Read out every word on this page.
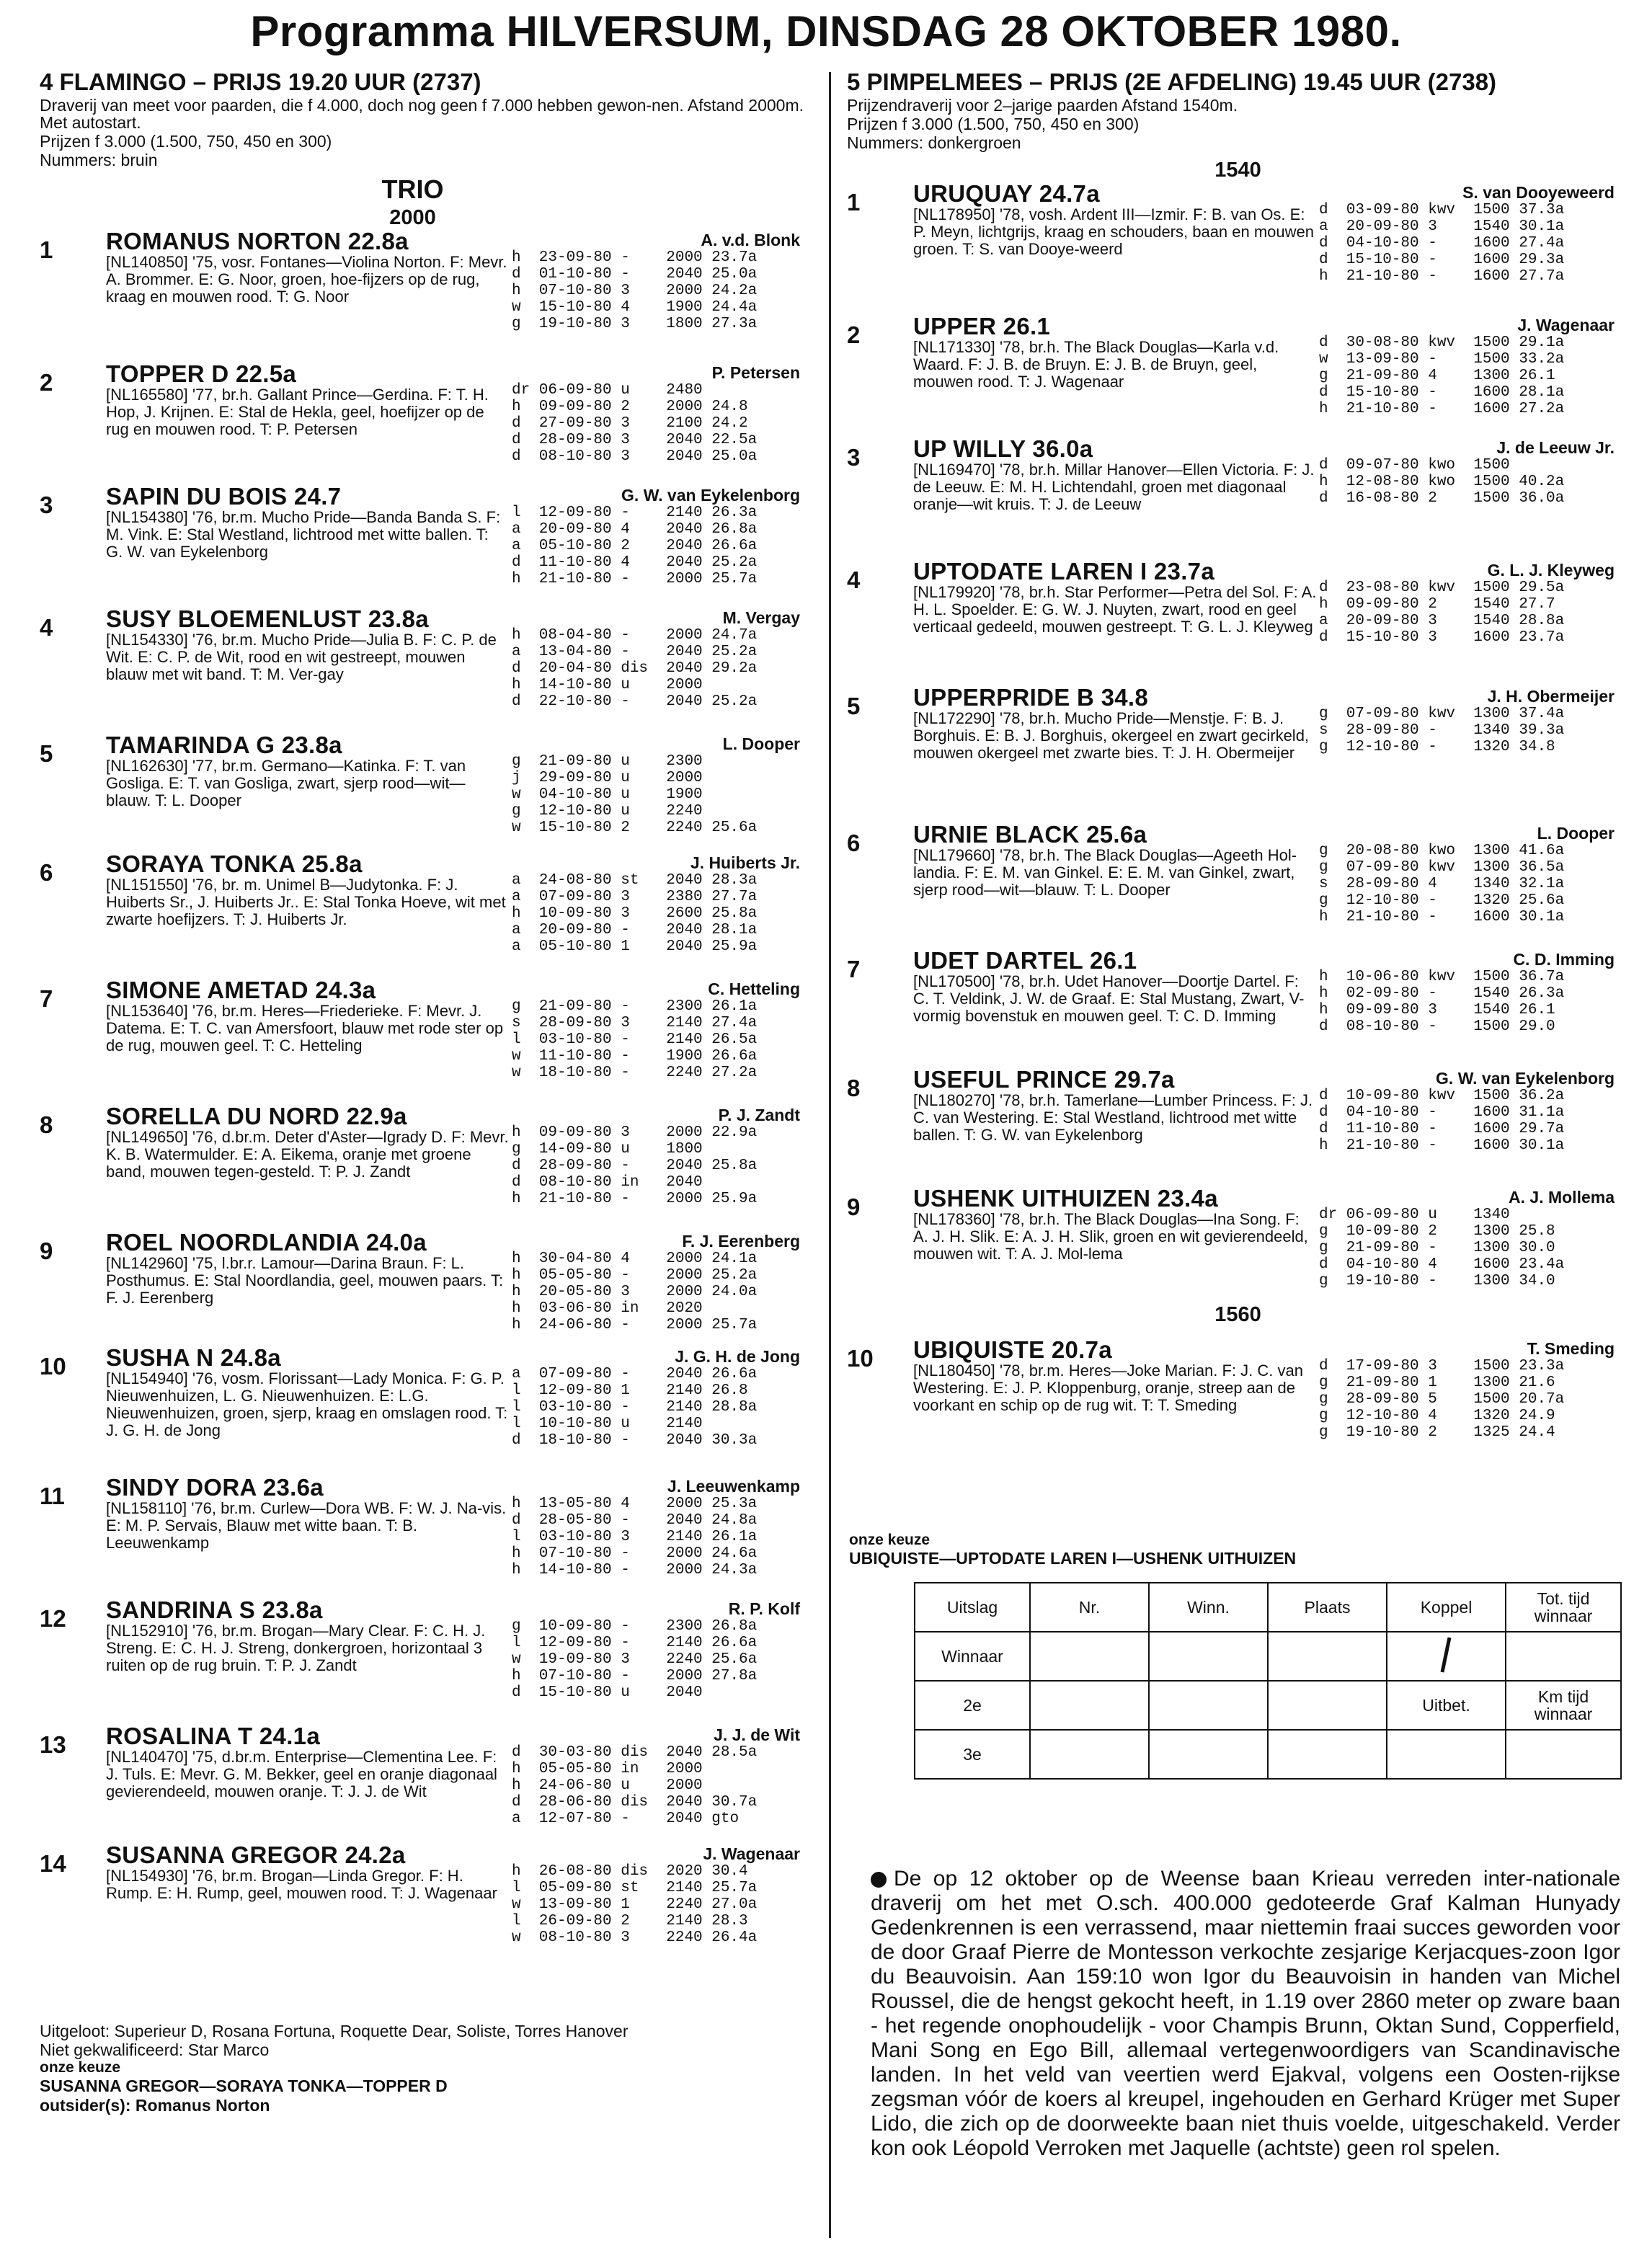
Programma HILVERSUM, DINSDAG 28 OKTOBER 1980.
4 FLAMINGO – PRIJS 19.20 UUR (2737)
Draverij van meet voor paarden, die f 4.000, doch nog geen f 7.000 hebben gewon-nen. Afstand 2000m. Met autostart.
Prijzen f 3.000 (1.500, 750, 450 en 300)
Nummers: bruin
TRIO
2000
1	ROMANUS NORTON 22.8a	A. v.d. Blonk
[NL140850] '75, vosr. Fontanes—Violina Norton. F: Mevr. A. Brommer. E: G. Noor, groen, hoe-fijzers op de rug, kraag en mouwen rood. T: G. Noor
h  23-09-80 -    2000 23.7a
d  01-10-80 -    2040 25.0a
h  07-10-80 3    2000 24.2a
w  15-10-80 4    1900 24.4a
g  19-10-80 3    1800 27.3a
2	TOPPER D 22.5a	P. Petersen
[NL165580] '77, br.h. Gallant Prince—Gerdina. F: T. H. Hop, J. Krijnen. E: Stal de Hekla, geel, hoefijzer op de rug en mouwen rood. T: P. Petersen
dr 06-09-80 u    2480
h  09-09-80 2    2000 24.8
d  27-09-80 3    2100 24.2
d  28-09-80 3    2040 22.5a
d  08-10-80 3    2040 25.0a
3	SAPIN DU BOIS 24.7	G. W. van Eykelenborg
[NL154380] '76, br.m. Mucho Pride—Banda Banda S. F: M. Vink. E: Stal Westland, lichtrood met witte ballen. T: G. W. van Eykelenborg
l  12-09-80 -    2140 26.3a
a  20-09-80 4    2040 26.8a
a  05-10-80 2    2040 26.6a
d  11-10-80 4    2040 25.2a
h  21-10-80 -    2000 25.7a
4	SUSY BLOEMENLUST 23.8a	M. Vergay
[NL154330] '76, br.m. Mucho Pride—Julia B. F: C. P. de Wit. E: C. P. de Wit, rood en wit gestreept, mouwen blauw met wit band. T: M. Ver-gay
h  08-04-80 -    2000 24.7a
a  13-04-80 -    2040 25.2a
d  20-04-80 dis  2040 29.2a
h  14-10-80 u    2000
d  22-10-80 -    2040 25.2a
5	TAMARINDA G 23.8a	L. Dooper
[NL162630] '77, br.m. Germano—Katinka. F: T. van Gosliga. E: T. van Gosliga, zwart, sjerp rood—wit—blauw. T: L. Dooper
g  21-09-80 u    2300
j  29-09-80 u    2000
w  04-10-80 u    1900
g  12-10-80 u    2240
w  15-10-80 2    2240 25.6a
6	SORAYA TONKA 25.8a	J. Huiberts Jr.
[NL151550] '76, br. m. Unimel B—Judytonka. F: J. Huiberts Sr., J. Huiberts Jr.. E: Stal Tonka Hoeve, wit met zwarte hoefijzers. T: J. Huiberts Jr.
a  24-08-80 st   2040 28.3a
a  07-09-80 3    2380 27.7a
h  10-09-80 3    2600 25.8a
a  20-09-80 -    2040 28.1a
a  05-10-80 1    2040 25.9a
7	SIMONE AMETAD 24.3a	C. Hetteling
[NL153640] '76, br.m. Heres—Friederieke. F: Mevr. J. Datema. E: T. C. van Amersfoort, blauw met rode ster op de rug, mouwen geel. T: C. Hetteling
g  21-09-80 -    2300 26.1a
s  28-09-80 3    2140 27.4a
l  03-10-80 -    2140 26.5a
w  11-10-80 -    1900 26.6a
w  18-10-80 -    2240 27.2a
8	SORELLA DU NORD 22.9a	P. J. Zandt
[NL149650] '76, d.br.m. Deter d'Aster—Igrady D. F: Mevr. K. B. Watermulder. E: A. Eikema, oranje met groene band, mouwen tegen-gesteld. T: P. J. Zandt
h  09-09-80 3    2000 22.9a
g  14-09-80 u    1800
d  28-09-80 -    2040 25.8a
d  08-10-80 in   2040
h  21-10-80 -    2000 25.9a
9	ROEL NOORDLANDIA 24.0a	F. J. Eerenberg
[NL142960] '75, l.br.r. Lamour—Darina Braun. F: L. Posthumus. E: Stal Noordlandia, geel, mouwen paars. T: F. J. Eerenberg
h  30-04-80 4    2000 24.1a
h  05-05-80 -    2000 25.2a
h  20-05-80 3    2000 24.0a
h  03-06-80 in   2020
h  24-06-80 -    2000 25.7a
10	SUSHA N 24.8a	J. G. H. de Jong
[NL154940] '76, vosm. Florissant—Lady Monica. F: G. P. Nieuwenhuizen, L. G. Nieuwenhuizen. E: L.G. Nieuwenhuizen, groen, sjerp, kraag en omslagen rood. T: J. G. H. de Jong
a  07-09-80 -    2040 26.6a
l  12-09-80 1    2140 26.8
l  03-10-80 -    2140 28.8a
l  10-10-80 u    2140
d  18-10-80 -    2040 30.3a
11	SINDY DORA 23.6a	J. Leeuwenkamp
[NL158110] '76, br.m. Curlew—Dora WB. F: W. J. Na-vis. E: M. P. Servais, Blauw met witte baan. T: B. Leeuwenkamp
h  13-05-80 4    2000 25.3a
d  28-05-80 -    2040 24.8a
l  03-10-80 3    2140 26.1a
h  07-10-80 -    2000 24.6a
h  14-10-80 -    2000 24.3a
12	SANDRINA S 23.8a	R. P. Kolf
[NL152910] '76, br.m. Brogan—Mary Clear. F: C. H. J. Streng. E: C. H. J. Streng, donkergroen, horizontaal 3 ruiten op de rug bruin. T: P. J. Zandt
g  10-09-80 -    2300 26.8a
l  12-09-80 -    2140 26.6a
w  19-09-80 3    2240 25.6a
h  07-10-80 -    2000 27.8a
d  15-10-80 u    2040
13	ROSALINA T 24.1a	J. J. de Wit
[NL140470] '75, d.br.m. Enterprise—Clementina Lee. F: J. Tuls. E: Mevr. G. M. Bekker, geel en oranje diagonaal gevierendeeld, mouwen oranje. T: J. J. de Wit
d  30-03-80 dis  2040 28.5a
h  05-05-80 in   2000
h  24-06-80 u    2000
d  28-06-80 dis  2040 30.7a
a  12-07-80 -    2040 gto
14	SUSANNA GREGOR 24.2a	J. Wagenaar
[NL154930] '76, br.m. Brogan—Linda Gregor. F: H. Rump. E: H. Rump, geel, mouwen rood. T: J. Wagenaar
h  26-08-80 dis  2020 30.4
l  05-09-80 st   2140 25.7a
w  13-09-80 1    2240 27.0a
l  26-09-80 2    2140 28.3
w  08-10-80 3    2240 26.4a
5 PIMPELMEES – PRIJS (2E AFDELING) 19.45 UUR (2738)
Prijzendraverij voor 2–jarige paarden Afstand 1540m.
Prijzen f 3.000 (1.500, 750, 450 en 300)
Nummers: donkergroen
1540
1	URUQUAY 24.7a	S. van Dooyeweerd
[NL178950] '78, vosh. Ardent III—Izmir. F: B. van Os. E: P. Meyn, lichtgrijs, kraag en schouders, baan en mouwen groen. T: S. van Dooye-weerd
d  03-09-80 kwv  1500 37.3a
a  20-09-80 3    1540 30.1a
d  04-10-80 -    1600 27.4a
d  15-10-80 -    1600 29.3a
h  21-10-80 -    1600 27.7a
2	UPPER 26.1	J. Wagenaar
[NL171330] '78, br.h. The Black Douglas—Karla v.d. Waard. F: J. B. de Bruyn. E: J. B. de Bruyn, geel, mouwen rood. T: J. Wagenaar
d  30-08-80 kwv  1500 29.1a
w  13-09-80 -    1500 33.2a
g  21-09-80 4    1300 26.1
d  15-10-80 -    1600 28.1a
h  21-10-80 -    1600 27.2a
3	UP WILLY 36.0a	J. de Leeuw Jr.
[NL169470] '78, br.h. Millar Hanover—Ellen Victoria. F: J. de Leeuw. E: M. H. Lichtendahl, groen met diagonaal oranje—wit kruis. T: J. de Leeuw
d  09-07-80 kwo  1500
h  12-08-80 kwo  1500 40.2a
d  16-08-80 2    1500 36.0a
4	UPTODATE LAREN I 23.7a	G. L. J. Kleyweg
[NL179920] '78, br.h. Star Performer—Petra del Sol. F: A. H. L. Spoelder. E: G. W. J. Nuyten, zwart, rood en geel verticaal gedeeld, mouwen gestreept. T: G. L. J. Kleyweg
d  23-08-80 kwv  1500 29.5a
h  09-09-80 2    1540 27.7
a  20-09-80 3    1540 28.8a
d  15-10-80 3    1600 23.7a
5	UPPERPRIDE B 34.8	J. H. Obermeijer
[NL172290] '78, br.h. Mucho Pride—Menstje. F: B. J. Borghuis. E: B. J. Borghuis, okergeel en zwart gecirkeld, mouwen okergeel met zwarte bies. T: J. H. Obermeijer
g  07-09-80 kwv  1300 37.4a
s  28-09-80 -    1340 39.3a
g  12-10-80 -    1320 34.8
6	URNIE BLACK 25.6a	L. Dooper
[NL179660] '78, br.h. The Black Douglas—Ageeth Hol-landia. F: E. M. van Ginkel. E: E. M. van Ginkel, zwart, sjerp rood—wit—blauw. T: L. Dooper
g  20-08-80 kwo  1300 41.6a
g  07-09-80 kwv  1300 36.5a
s  28-09-80 4    1340 32.1a
g  12-10-80 -    1320 25.6a
h  21-10-80 -    1600 30.1a
7	UDET DARTEL 26.1	C. D. Imming
[NL170500] '78, br.h. Udet Hanover—Doortje Dartel. F: C. T. Veldink, J. W. de Graaf. E: Stal Mustang, Zwart, V-vormig bovenstuk en mouwen geel. T: C. D. Imming
h  10-06-80 kwv  1500 36.7a
h  02-09-80 -    1540 26.3a
h  09-09-80 3    1540 26.1
d  08-10-80 -    1500 29.0
8	USEFUL PRINCE 29.7a	G. W. van Eykelenborg
[NL180270] '78, br.h. Tamerlane—Lumber Princess. F: J. C. van Westering. E: Stal Westland, lichtrood met witte ballen. T: G. W. van Eykelenborg
d  10-09-80 kwv  1500 36.2a
d  04-10-80 -    1600 31.1a
d  11-10-80 -    1600 29.7a
h  21-10-80 -    1600 30.1a
9	USHENK UITHUIZEN 23.4a	A. J. Mollema
[NL178360] '78, br.h. The Black Douglas—Ina Song. F: A. J. H. Slik. E: A. J. H. Slik, groen en wit gevierendeeld, mouwen wit. T: A. J. Mol-lema
dr 06-09-80 u    1340
g  10-09-80 2    1300 25.8
g  21-09-80 -    1300 30.0
d  04-10-80 4    1600 23.4a
g  19-10-80 -    1300 34.0
1560
10	UBIQUISTE 20.7a	T. Smeding
[NL180450] '78, br.m. Heres—Joke Marian. F: J. C. van Westering. E: J. P. Kloppenburg, oranje, streep aan de voorkant en schip op de rug wit. T: T. Smeding
d  17-09-80 3    1500 23.3a
g  21-09-80 1    1300 21.6
g  28-09-80 5    1500 20.7a
g  12-10-80 4    1320 24.9
g  19-10-80 2    1325 24.4
Uitgeloot: Superieur D, Rosana Fortuna, Roquette Dear, Soliste, Torres Hanover
Niet gekwalificeerd: Star Marco
onze keuze
SUSANNA GREGOR—SORAYA TONKA—TOPPER D
outsider(s): Romanus Norton
onze keuze
UBIQUISTE—UPTODATE LAREN I—USHENK UITHUIZEN
Uitslag	Nr.	Winn.	Plaats	Koppel	Tot. tijd winnaar
Winnaar					
2e				Uitbet.	Km tijd winnaar
3e					
De op 12 oktober op de Weense baan Krieau verreden inter-nationale draverij om het met O.sch. 400.000 gedoteerde Graf Kalman Hunyady Gedenkrennen is een verrassend, maar niettemin fraai succes geworden voor de door Graaf Pierre de Montesson verkochte zesjarige Kerjacques-zoon Igor du Beauvoisin. Aan 159:10 won Igor du Beauvoisin in handen van Michel Roussel, die de hengst gekocht heeft, in 1.19 over 2860 meter op zware baan - het regende onophoudelijk - voor Champis Brunn, Oktan Sund, Copperfield, Mani Song en Ego Bill, allemaal vertegenwoordigers van Scandinavische landen. In het veld van veertien werd Ejakval, volgens een Oosten-rijkse zegsman vóór de koers al kreupel, ingehouden en Gerhard Krüger met Super Lido, die zich op de doorweekte baan niet thuis voelde, uitgeschakeld. Verder kon ook Léopold Verroken met Jaquelle (achtste) geen rol spelen.
